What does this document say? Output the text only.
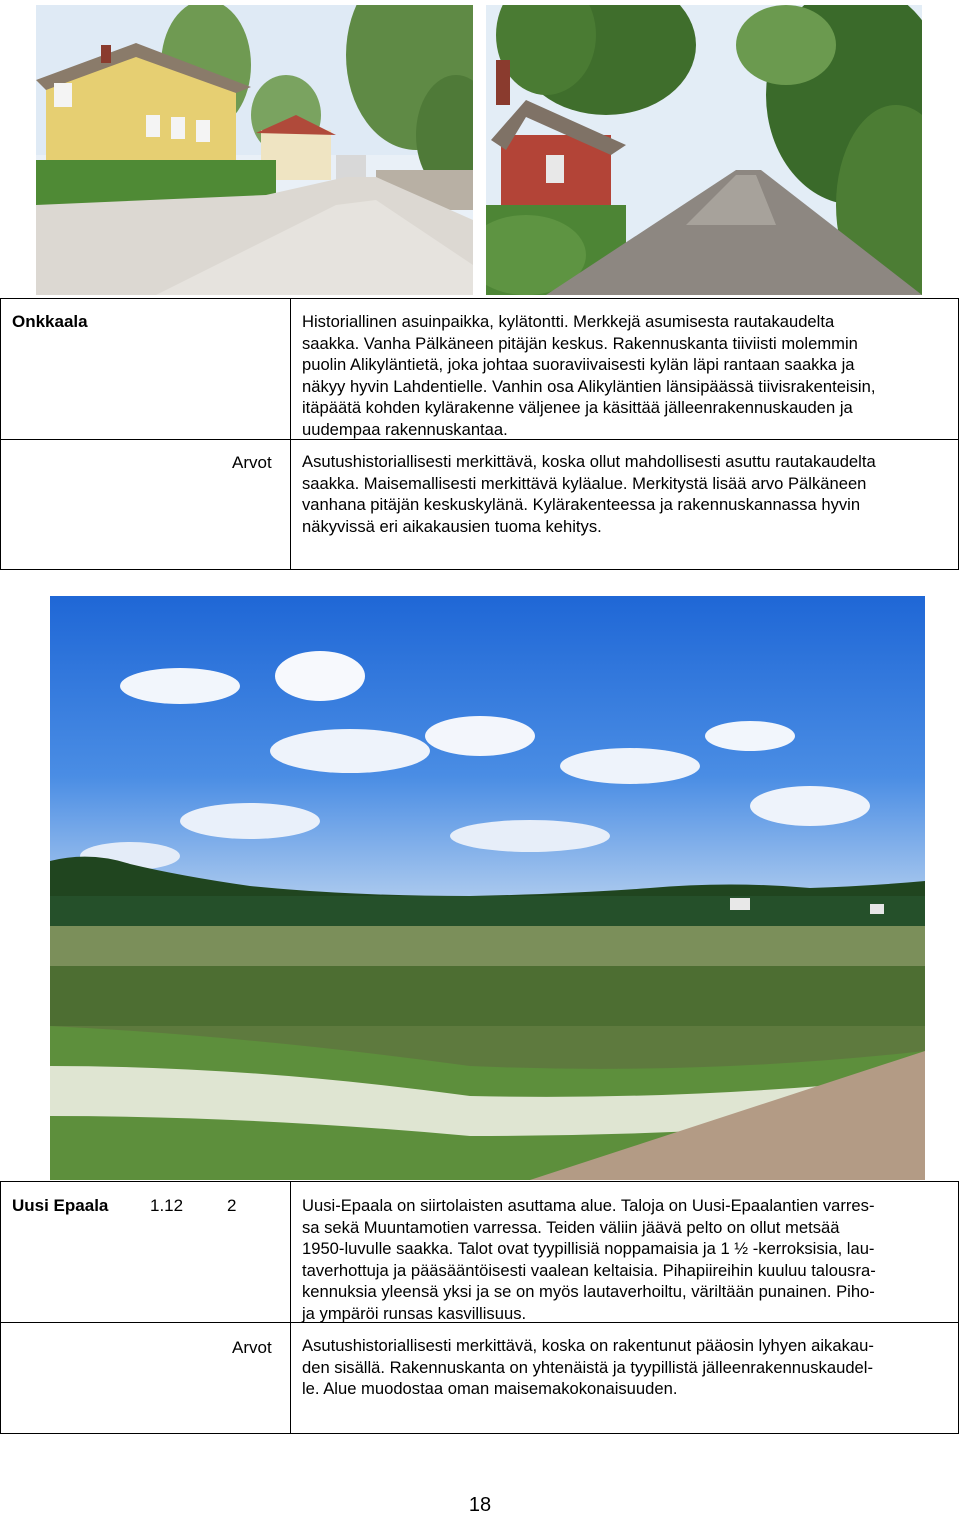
Onkkaala	Historiallinen asuinpaikka, kylätontti. Merkkejä asumisesta rautakaudelta
saakka. Vanha Pälkäneen pitäjän keskus. Rakennuskanta tiiviisti molemmin
puolin Alikyläntietä, joka johtaa suoraviivaisesti kylän läpi rantaan saakka ja
näkyy hyvin Lahdentielle. Vanhin osa Alikyläntien länsipäässä tiivisrakenteisin,
itäpäätä kohden kylärakenne väljenee ja käsittää jälleenrakennuskauden ja
uudempaa rakennuskantaa.
Arvot Asutushistoriallisesti merkittävä, koska ollut mahdollisesti asuttu rautakaudelta
saakka. Maisemallisesti merkittävä kyläalue. Merkitystä lisää arvo Pälkäneen
vanhana pitäjän keskuskylänä. Kylärakenteessa ja rakennuskannassa hyvin
näkyvissä eri aikakausien tuoma kehitys.
Uusi Epaala 1.12	2	Uusi-Epaala on siirtolaisten asuttama alue. Taloja on Uusi-Epaalantien varres-
sa sekä Muuntamotien varressa. Teiden väliin jäävä pelto on ollut metsää
1950-luvulle saakka. Talot ovat tyypillisiä noppamaisia ja 1 ½ -kerroksisia, lau-
taverhottuja ja pääsääntöisesti vaalean keltaisia. Pihapiireihin kuuluu talousra-
kennuksia yleensä yksi ja se on myös lautaverhoiltu, väriltään punainen. Piho-
ja ympäröi runsas kasvillisuus.
Arvot Asutushistoriallisesti merkittävä, koska on rakentunut pääosin lyhyen aikakau-
den sisällä. Rakennuskanta on yhtenäistä ja tyypillistä jälleenrakennuskaudel-
le. Alue muodostaa oman maisemakokonaisuuden.
18
